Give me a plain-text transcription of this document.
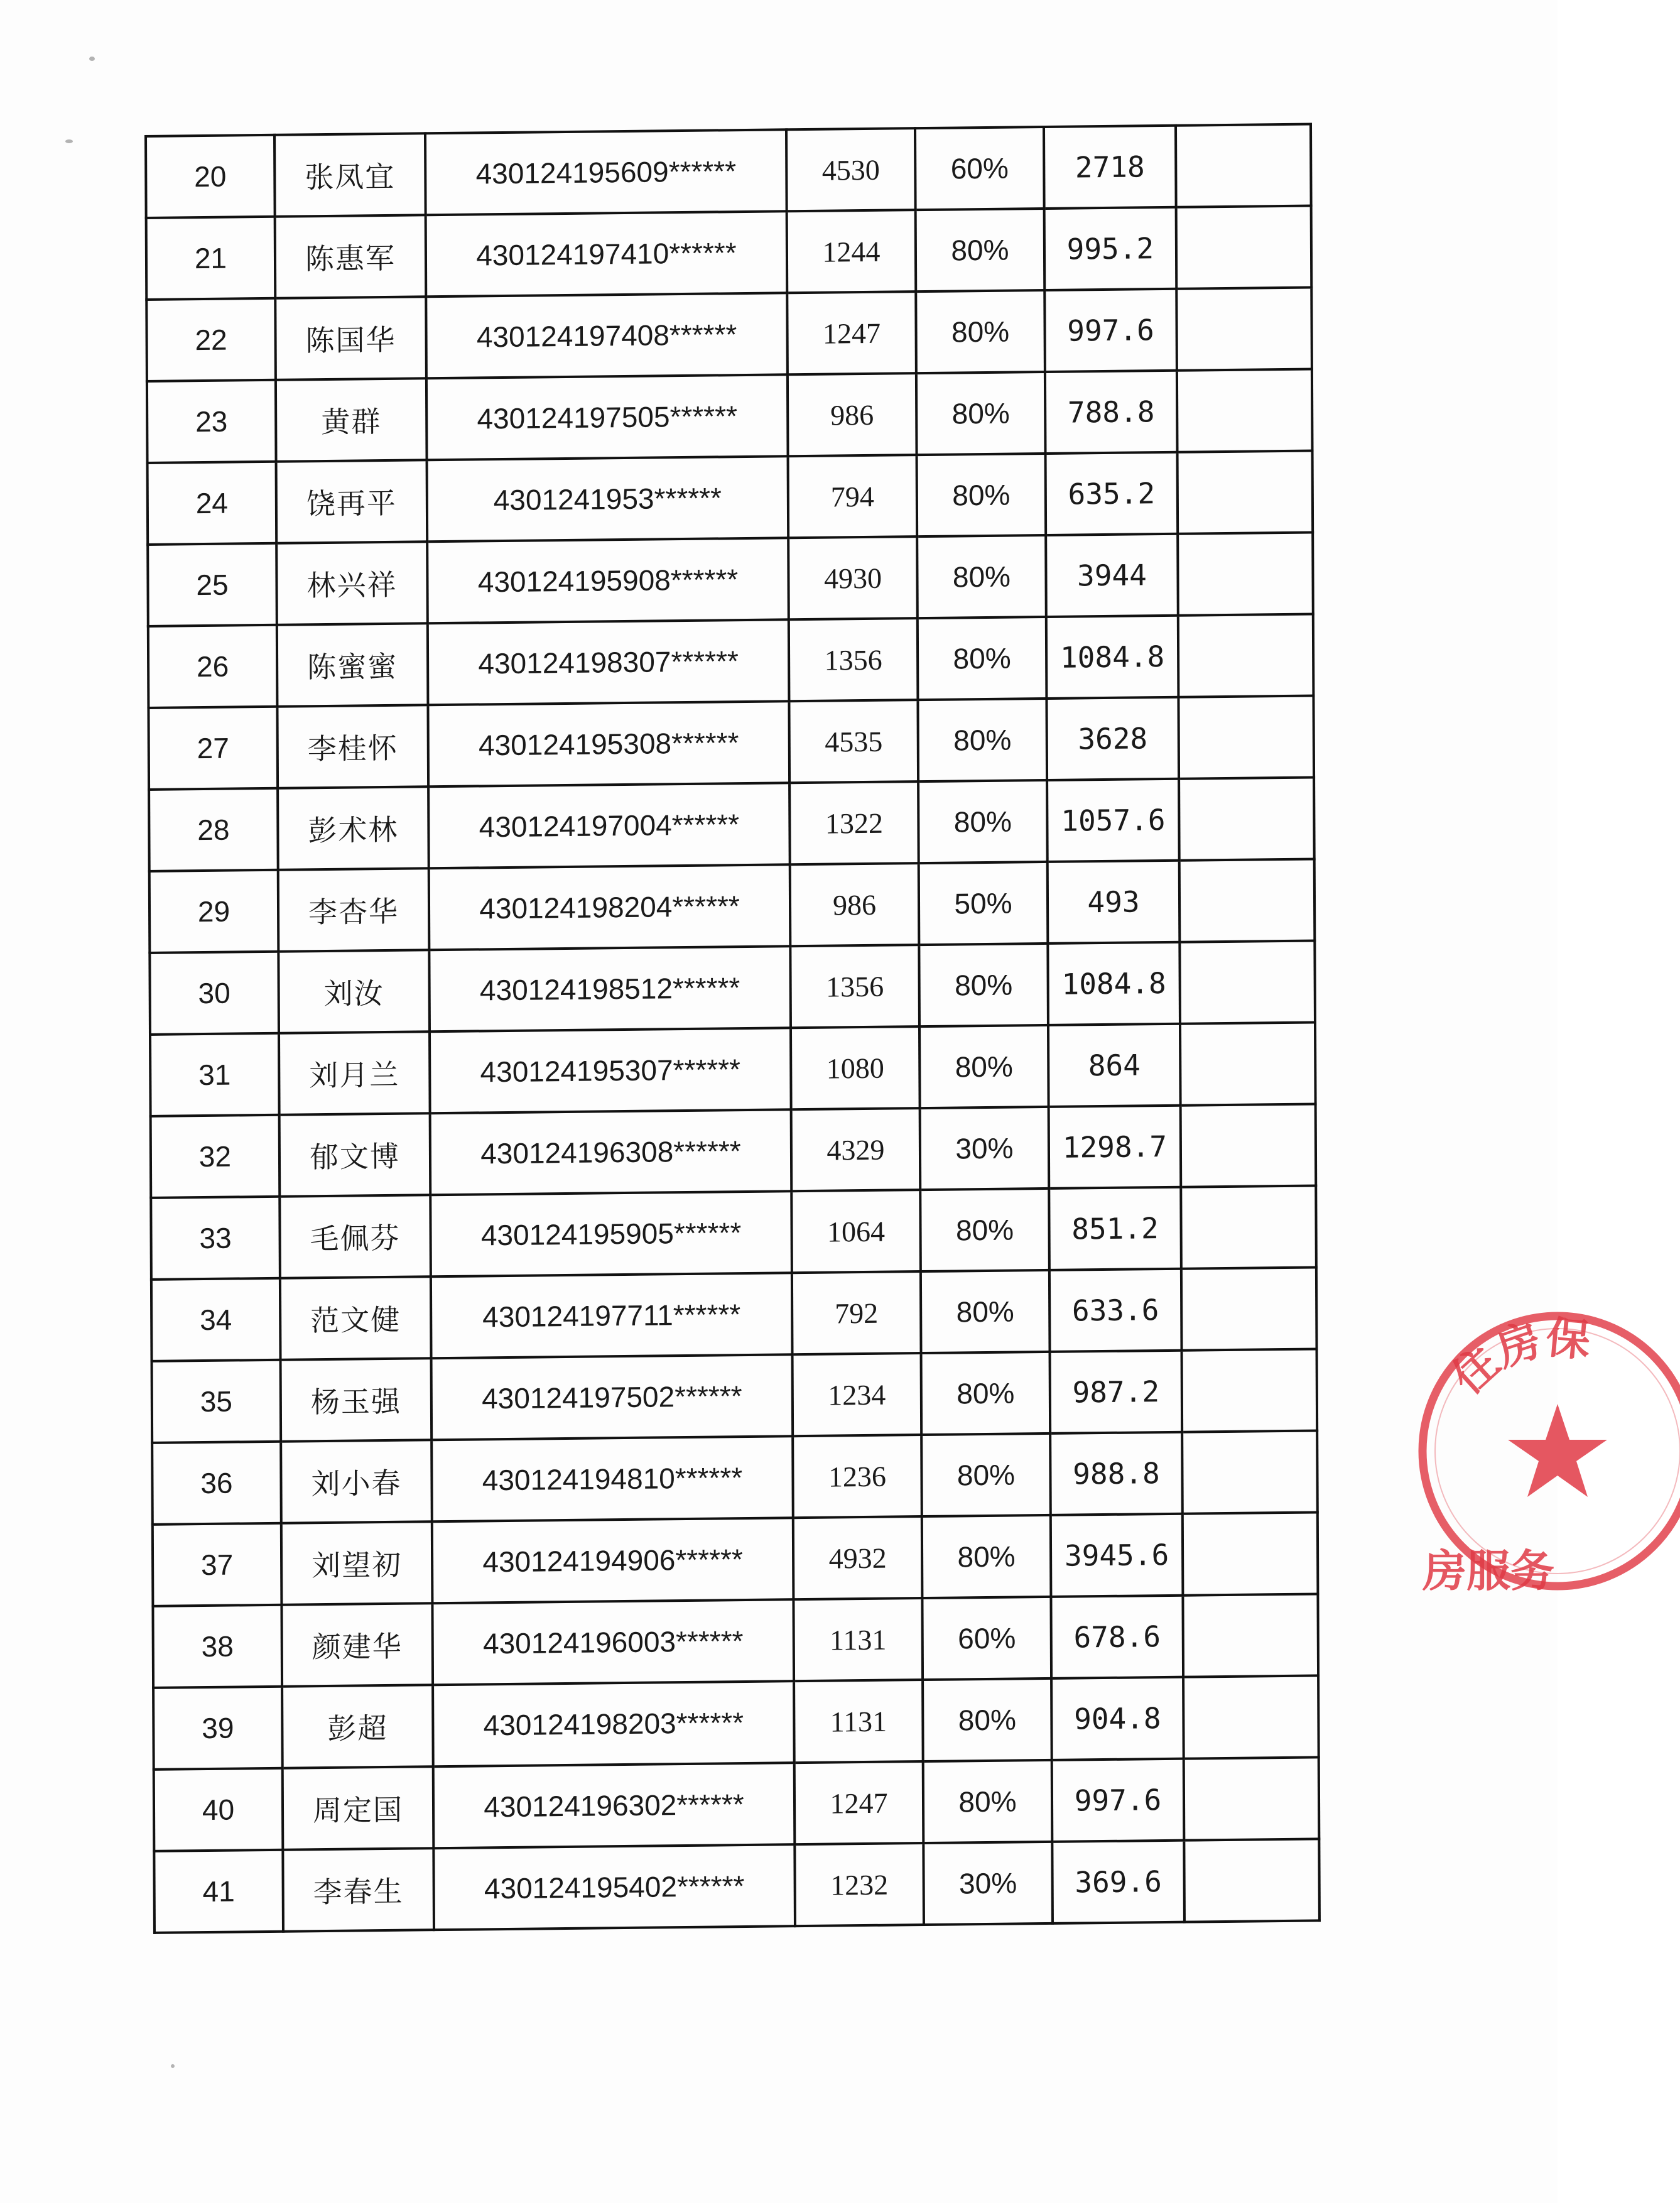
20	张凤宜	430124195609******	4530	60%	2718	
21	陈惠军	430124197410******	1244	80%	995.2	
22	陈国华	430124197408******	1247	80%	997.6	
23	黄群	430124197505******	986	80%	788.8	
24	饶再平	4301241953******	794	80%	635.2	
25	林兴祥	430124195908******	4930	80%	3944	
26	陈蜜蜜	430124198307******	1356	80%	1084.8	
27	李桂怀	430124195308******	4535	80%	3628	
28	彭术林	430124197004******	1322	80%	1057.6	
29	李杏华	430124198204******	986	50%	493	
30	刘汝	430124198512******	1356	80%	1084.8	
31	刘月兰	430124195307******	1080	80%	864	
32	郁文博	430124196308******	4329	30%	1298.7	
33	毛佩芬	430124195905******	1064	80%	851.2	
34	范文健	430124197711******	792	80%	633.6	
35	杨玉强	430124197502******	1234	80%	987.2	
36	刘小春	430124194810******	1236	80%	988.8	
37	刘望初	430124194906******	4932	80%	3945.6	
38	颜建华	430124196003******	1131	60%	678.6	
39	彭超	430124198203******	1131	80%	904.8	
40	周定国	430124196302******	1247	80%	997.6	
41	李春生	430124195402******	1232	30%	369.6	
住房保
房服务
